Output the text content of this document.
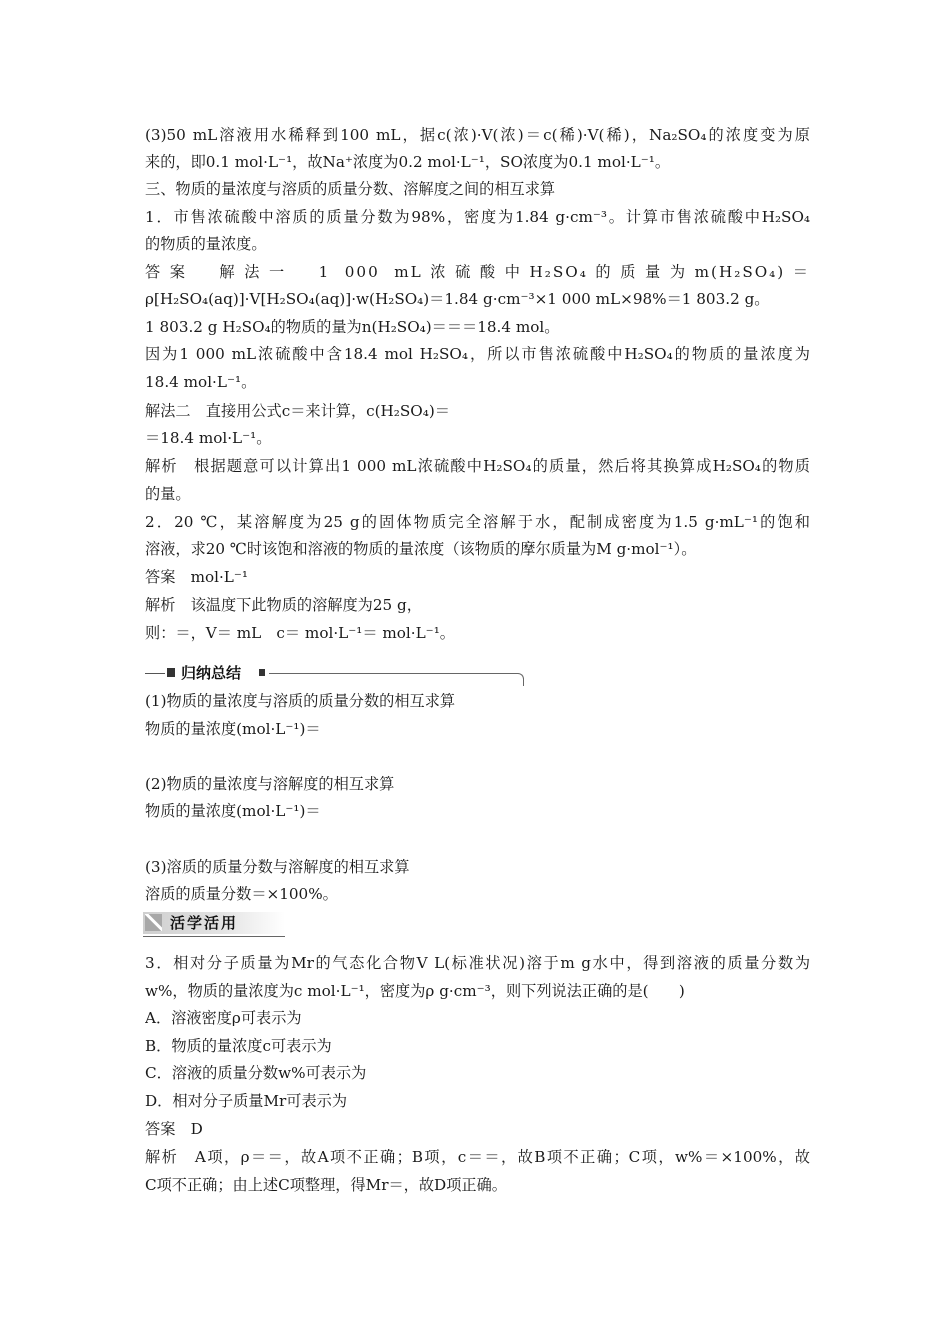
(3)50 mL溶液用水稀释到100 mL，据c(浓)·V(浓)＝c(稀)·V(稀)，Na₂SO₄的浓度变为原
来的，即0.1 mol·L⁻¹，故Na⁺浓度为0.2 mol·L⁻¹，SO浓度为0.1 mol·L⁻¹。
三、物质的量浓度与溶质的质量分数、溶解度之间的相互求算
1．市售浓硫酸中溶质的质量分数为98%，密度为1.84 g·cm⁻³。计算市售浓硫酸中H₂SO₄
的物质的量浓度。
答案　解法一　1 000 mL浓硫酸中H₂SO₄的质量为m(H₂SO₄)＝
ρ[H₂SO₄(aq)]·V[H₂SO₄(aq)]·w(H₂SO₄)＝1.84 g·cm⁻³×1 000 mL×98%＝1 803.2 g。
1 803.2 g H₂SO₄的物质的量为n(H₂SO₄)＝＝＝18.4 mol。
因为1 000 mL浓硫酸中含18.4 mol H₂SO₄，所以市售浓硫酸中H₂SO₄的物质的量浓度为
18.4 mol·L⁻¹。
解法二　直接用公式c＝来计算，c(H₂SO₄)＝
＝18.4 mol·L⁻¹。
解析　根据题意可以计算出1 000 mL浓硫酸中H₂SO₄的质量，然后将其换算成H₂SO₄的物质
的量。
2．20 ℃，某溶解度为25 g的固体物质完全溶解于水，配制成密度为1.5 g·mL⁻¹的饱和
溶液，求20 ℃时该饱和溶液的物质的量浓度（该物质的摩尔质量为M g·mol⁻¹）。
答案　mol·L⁻¹
解析　该温度下此物质的溶解度为25 g，
则：＝，V＝ mL　c＝ mol·L⁻¹＝ mol·L⁻¹。
归纳总结
(1)物质的量浓度与溶质的质量分数的相互求算
物质的量浓度(mol·L⁻¹)＝
(2)物质的量浓度与溶解度的相互求算
物质的量浓度(mol·L⁻¹)＝
(3)溶质的质量分数与溶解度的相互求算
溶质的质量分数＝×100%。
活学活用
3．相对分子质量为Mr的气态化合物V L(标准状况)溶于m g水中，得到溶液的质量分数为
w%，物质的量浓度为c mol·L⁻¹，密度为ρ g·cm⁻³，则下列说法正确的是(　　)
A．溶液密度ρ可表示为
B．物质的量浓度c可表示为
C．溶液的质量分数w%可表示为
D．相对分子质量Mr可表示为
答案　D
解析　A项，ρ＝＝，故A项不正确；B项，c＝＝，故B项不正确；C项，w%＝×100%，故
C项不正确；由上述C项整理，得Mr＝，故D项正确。
